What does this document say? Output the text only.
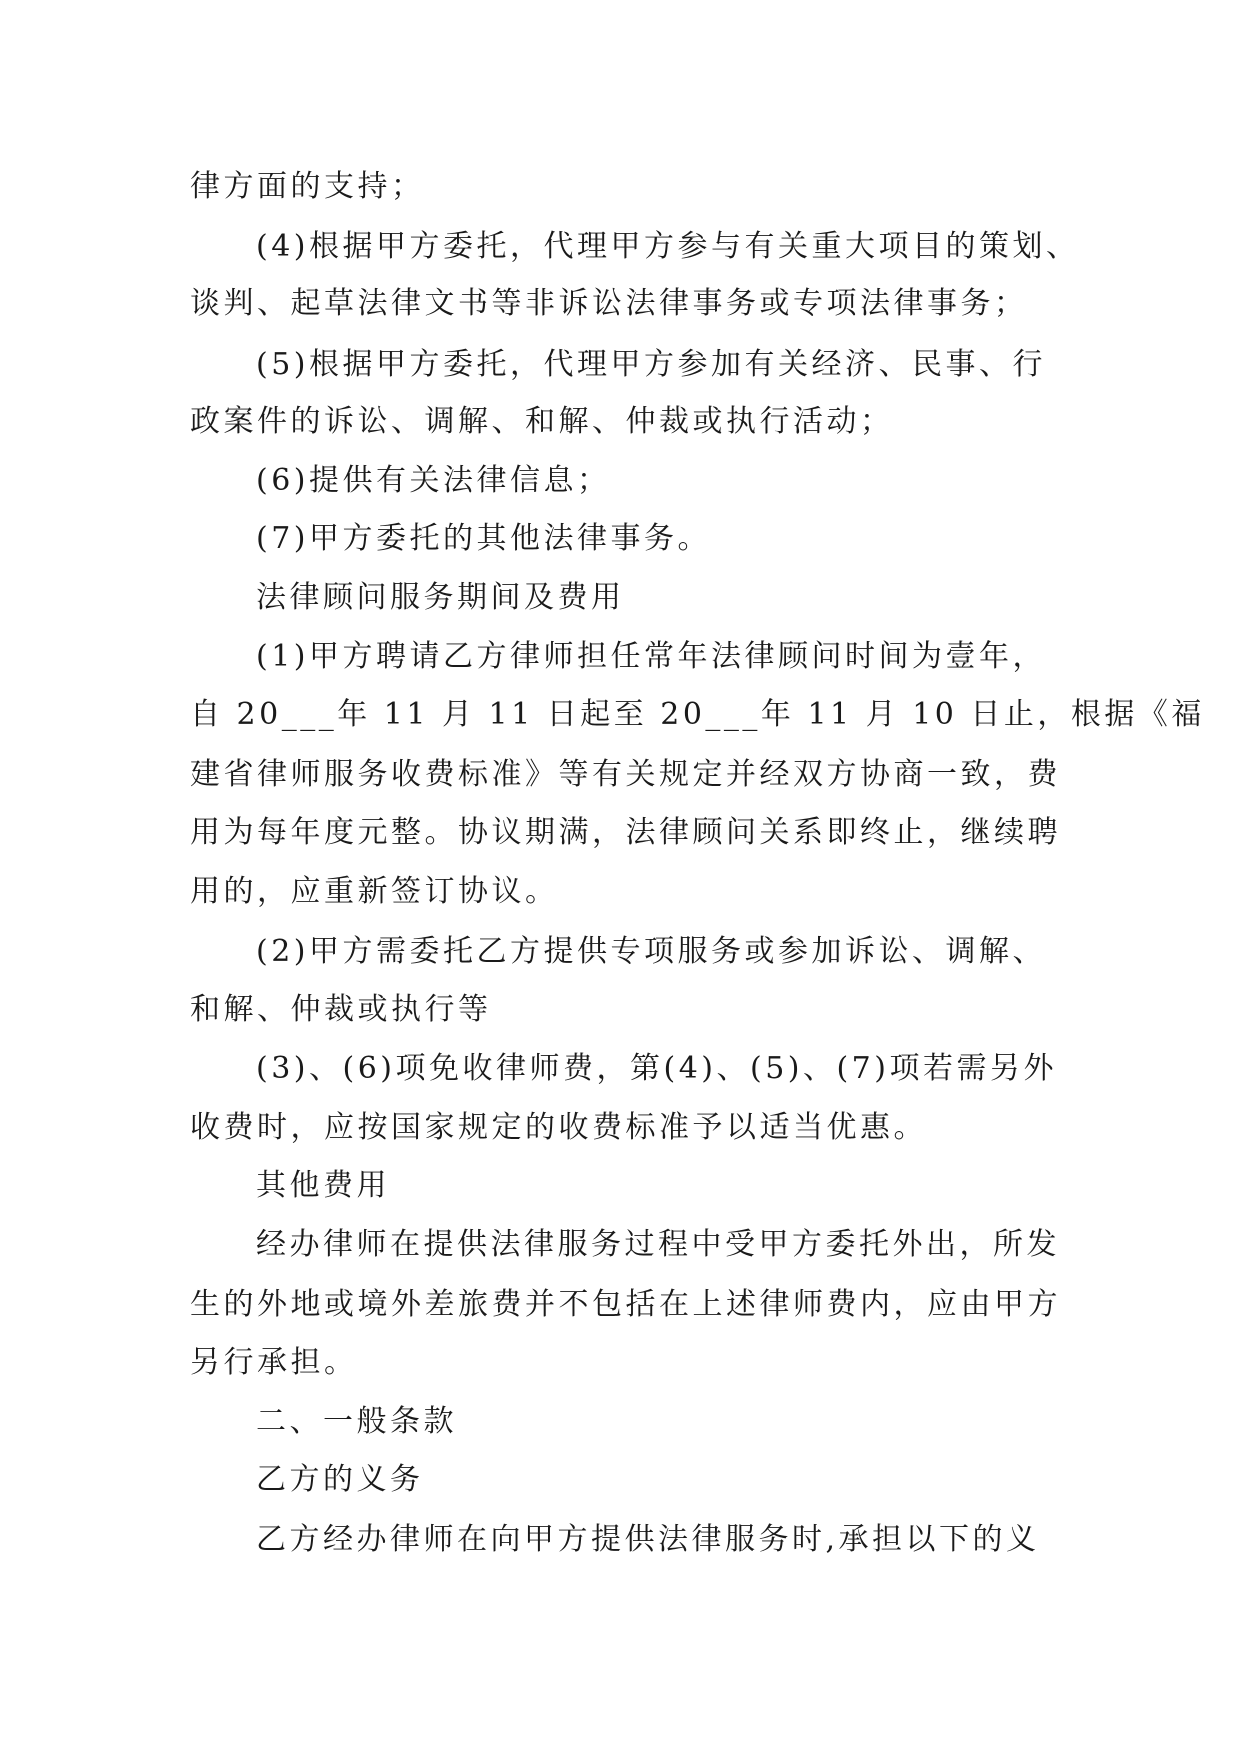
律方面的支持；
(4)根据甲方委托，代理甲方参与有关重大项目的策划、
谈判、起草法律文书等非诉讼法律事务或专项法律事务；
(5)根据甲方委托，代理甲方参加有关经济、民事、行
政案件的诉讼、调解、和解、仲裁或执行活动；
(6)提供有关法律信息；
(7)甲方委托的其他法律事务。
法律顾问服务期间及费用
(1)甲方聘请乙方律师担任常年法律顾问时间为壹年，
自 20___年 11 月 11 日起至 20___年 11 月 10 日止，根据《福
建省律师服务收费标准》等有关规定并经双方协商一致，费
用为每年度元整。协议期满，法律顾问关系即终止，继续聘
用的，应重新签订协议。
(2)甲方需委托乙方提供专项服务或参加诉讼、调解、
和解、仲裁或执行等
(3)、(6)项免收律师费，第(4)、(5)、(7)项若需另外
收费时，应按国家规定的收费标准予以适当优惠。
其他费用
经办律师在提供法律服务过程中受甲方委托外出，所发
生的外地或境外差旅费并不包括在上述律师费内，应由甲方
另行承担。
二、一般条款
乙方的义务
乙方经办律师在向甲方提供法律服务时,承担以下的义
